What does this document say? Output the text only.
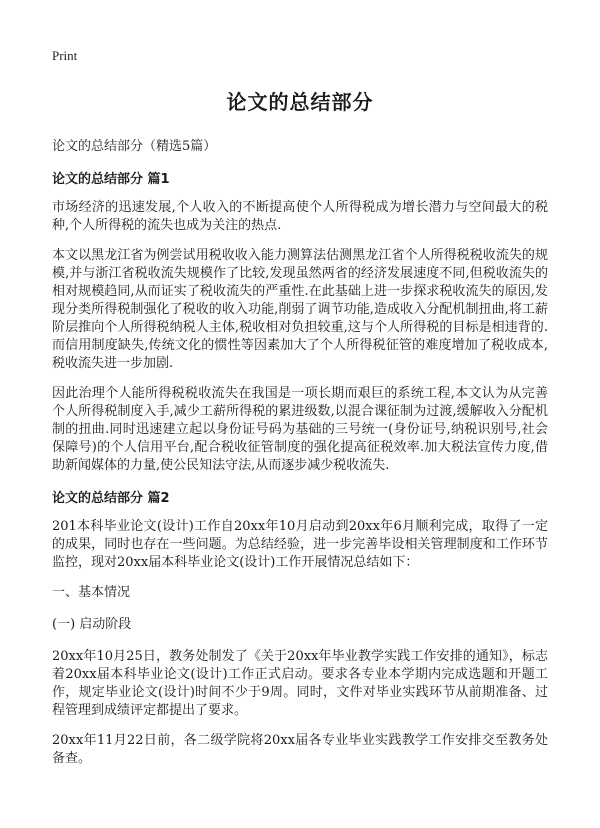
Print
论文的总结部分
论文的总结部分（精选5篇）
论文的总结部分 篇1

市场经济的迅速发展,个人收入的不断提高使个人所得税成为增长潜力与空间最大的税种,个人所得税的流失也成为关注的热点.

本文以黑龙江省为例尝试用税收收入能力测算法估测黑龙江省个人所得税税收流失的规模,并与浙江省税收流失规模作了比较,发现虽然两省的经济发展速度不同,但税收流失的相对规模趋同,从而证实了税收流失的严重性.在此基础上进一步探求税收流失的原因,发现分类所得税制强化了税收的收入功能,削弱了调节功能,造成收入分配机制扭曲,将工薪阶层推向个人所得税纳税人主体,税收相对负担较重,这与个人所得税的目标是相违背的.而信用制度缺失,传统文化的惯性等因素加大了个人所得税征管的难度增加了税收成本,税收流失进一步加剧.

因此治理个人能所得税税收流失在我国是一项长期而艰巨的系统工程,本文认为从完善个人所得税制度入手,减少工薪所得税的累进级数,以混合课征制为过渡,缓解收入分配机制的扭曲.同时迅速建立起以身份证号码为基础的三号统一(身份证号,纳税识别号,社会保障号)的个人信用平台,配合税收征管制度的强化提高征税效率.加大税法宣传力度,借助新闻媒体的力量,使公民知法守法,从而逐步减少税收流失.

论文的总结部分 篇2

201本科毕业论文(设计)工作自20xx年10月启动到20xx年6月顺利完成，取得了一定的成果，同时也存在一些问题。为总结经验，进一步完善毕设相关管理制度和工作环节监控，现对20xx届本科毕业论文(设计)工作开展情况总结如下：

一、基本情况
(一) 启动阶段

20xx年10月25日，教务处制发了《关于20xx年毕业教学实践工作安排的通知》，标志着20xx届本科毕业论文(设计)工作正式启动。要求各专业本学期内完成选题和开题工作，规定毕业论文(设计)时间不少于9周。同时，文件对毕业实践环节从前期准备、过程管理到成绩评定都提出了要求。

20xx年11月22日前，各二级学院将20xx届各专业毕业实践教学工作安排交至教务处备查。
